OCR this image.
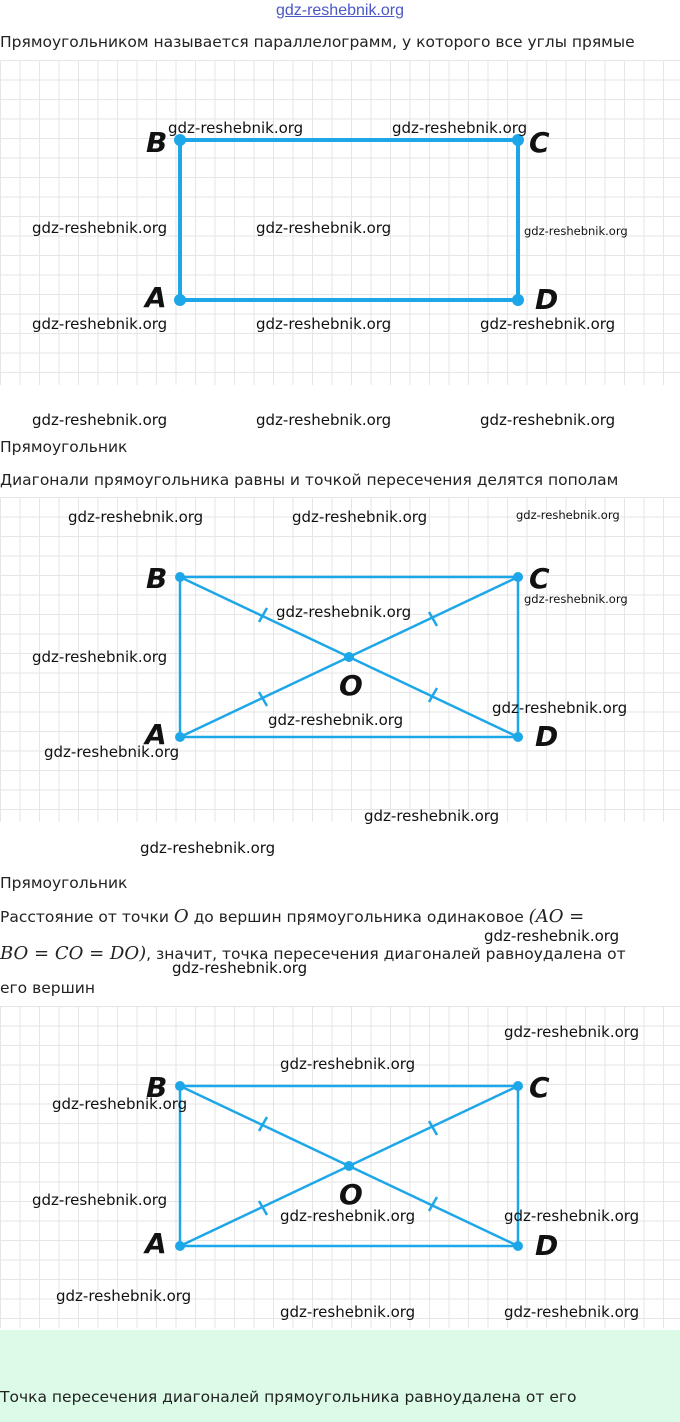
gdz-reshebnik.org
Прямоугольником называется параллелограмм, у которого все углы прямые
B	C
A	D
Прямоугольник
Диагонали прямоугольника равны и точкой пересечения делятся пополам
B	C
A	D
O
Прямоугольник
Расстояние от точки O до вершин прямоугольника одинаковое (AO =
BO = CO = DO), значит, точка пересечения диагоналей равноудалена от
его вершин
B	C
A	D
O
Точка пересечения диагоналей прямоугольника равноудалена от его
gdz-reshebnik.org	gdz-reshebnik.org
gdz-reshebnik.org	gdz-reshebnik.org	gdz-reshebnik.org
gdz-reshebnik.org	gdz-reshebnik.org	gdz-reshebnik.org
gdz-reshebnik.org	gdz-reshebnik.org	gdz-reshebnik.org
gdz-reshebnik.org	gdz-reshebnik.org	gdz-reshebnik.org
gdz-reshebnik.org
gdz-reshebnik.org
gdz-reshebnik.org
gdz-reshebnik.org
gdz-reshebnik.org
gdz-reshebnik.org
gdz-reshebnik.org
gdz-reshebnik.org
gdz-reshebnik.org
gdz-reshebnik.org
gdz-reshebnik.org
gdz-reshebnik.org
gdz-reshebnik.org
gdz-reshebnik.org
gdz-reshebnik.org	gdz-reshebnik.org
gdz-reshebnik.org
gdz-reshebnik.org	gdz-reshebnik.org
